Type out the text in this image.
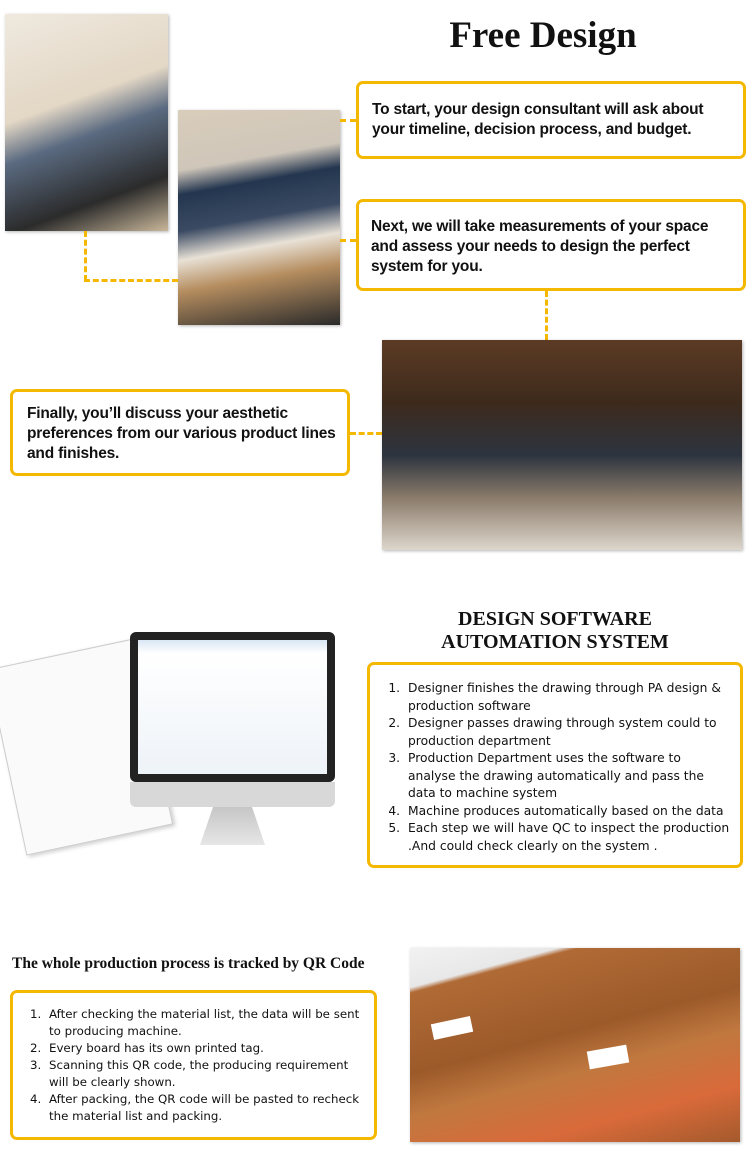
Free Design
To start, your design consultant will ask about your timeline, decision process, and budget.
Next, we will take measurements of your space and assess your needs to design the perfect system for you.
Finally, you’ll discuss your aesthetic preferences from our various product lines and finishes.
DESIGN SOFTWARE
AUTOMATION SYSTEM
1. Designer finishes the drawing through PA design & production software
2. Designer passes drawing through system could to production department
3. Production Department uses the software to analyse the drawing automatically and pass the data to machine system
4. Machine produces automatically based on the data
5. Each step we will have QC to inspect the production .And could check clearly on the system .
The whole production process is tracked by QR Code
1. After checking the material list, the data will be sent to producing machine.
2. Every board has its own printed tag.
3. Scanning this QR code, the producing requirement will be clearly shown.
4. After packing, the QR code will be pasted to recheck the material list and packing.
